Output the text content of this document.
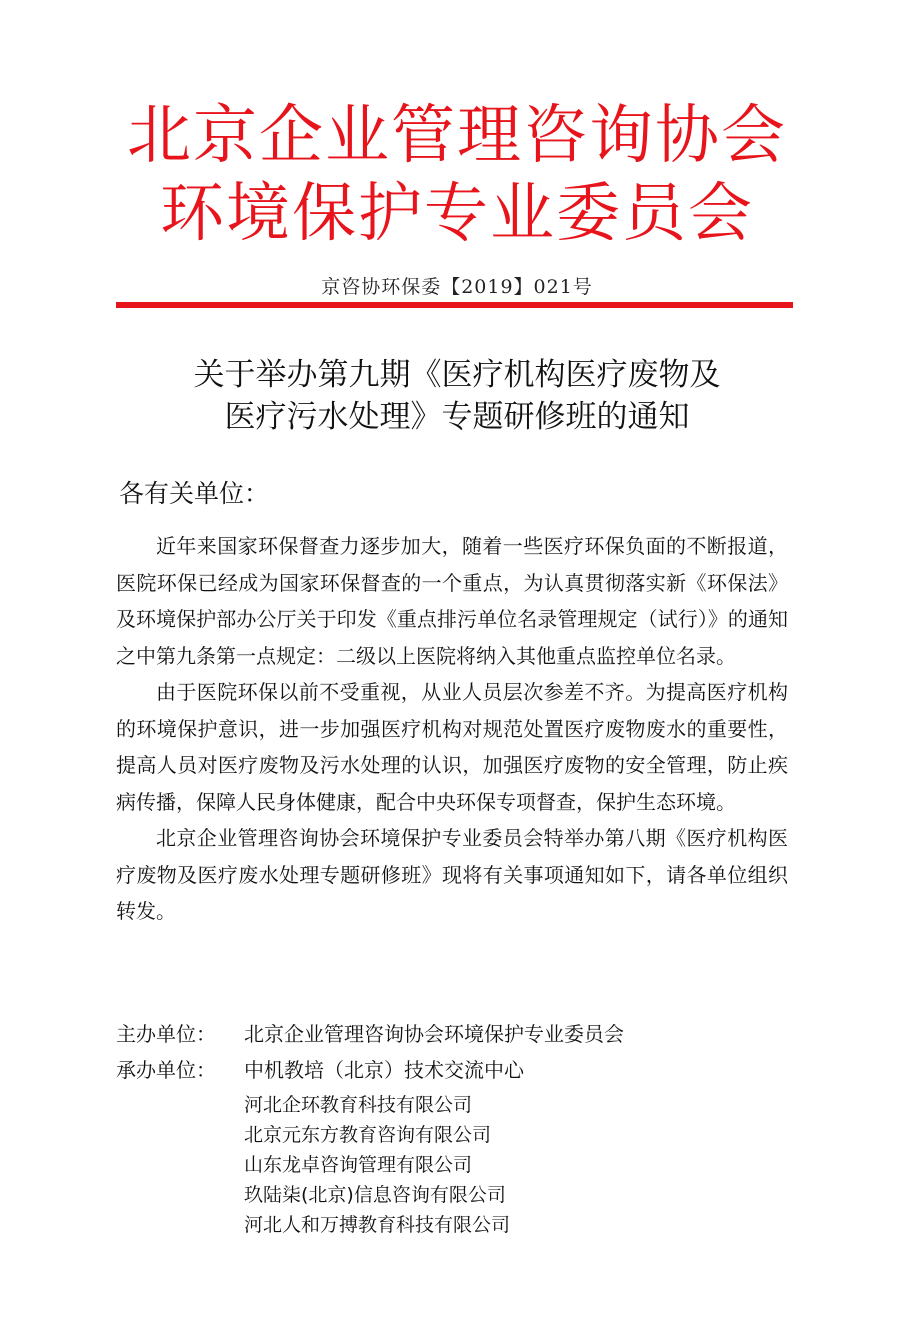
北京企业管理咨询协会
环境保护专业委员会
京咨协环保委【2019】021号
关于举办第九期《医疗机构医疗废物及
医疗污水处理》专题研修班的通知
各有关单位：

近年来国家环保督查力逐步加大，随着一些医疗环保负面的不断报道，医院环保已经成为国家环保督查的一个重点，为认真贯彻落实新《环保法》及环境保护部办公厅关于印发《重点排污单位名录管理规定（试行）》的通知之中第九条第一点规定：二级以上医院将纳入其他重点监控单位名录。

由于医院环保以前不受重视，从业人员层次参差不齐。为提高医疗机构的环境保护意识，进一步加强医疗机构对规范处置医疗废物废水的重要性，提高人员对医疗废物及污水处理的认识，加强医疗废物的安全管理，防止疾病传播，保障人民身体健康，配合中央环保专项督查，保护生态环境。

北京企业管理咨询协会环境保护专业委员会特举办第八期《医疗机构医疗废物及医疗废水处理专题研修班》现将有关事项通知如下，请各单位组织转发。

主办单位： 北京企业管理咨询协会环境保护专业委员会
承办单位： 中机教培（北京）技术交流中心
河北企环教育科技有限公司
北京元东方教育咨询有限公司
山东龙卓咨询管理有限公司
玖陆柒(北京)信息咨询有限公司
河北人和万搏教育科技有限公司
